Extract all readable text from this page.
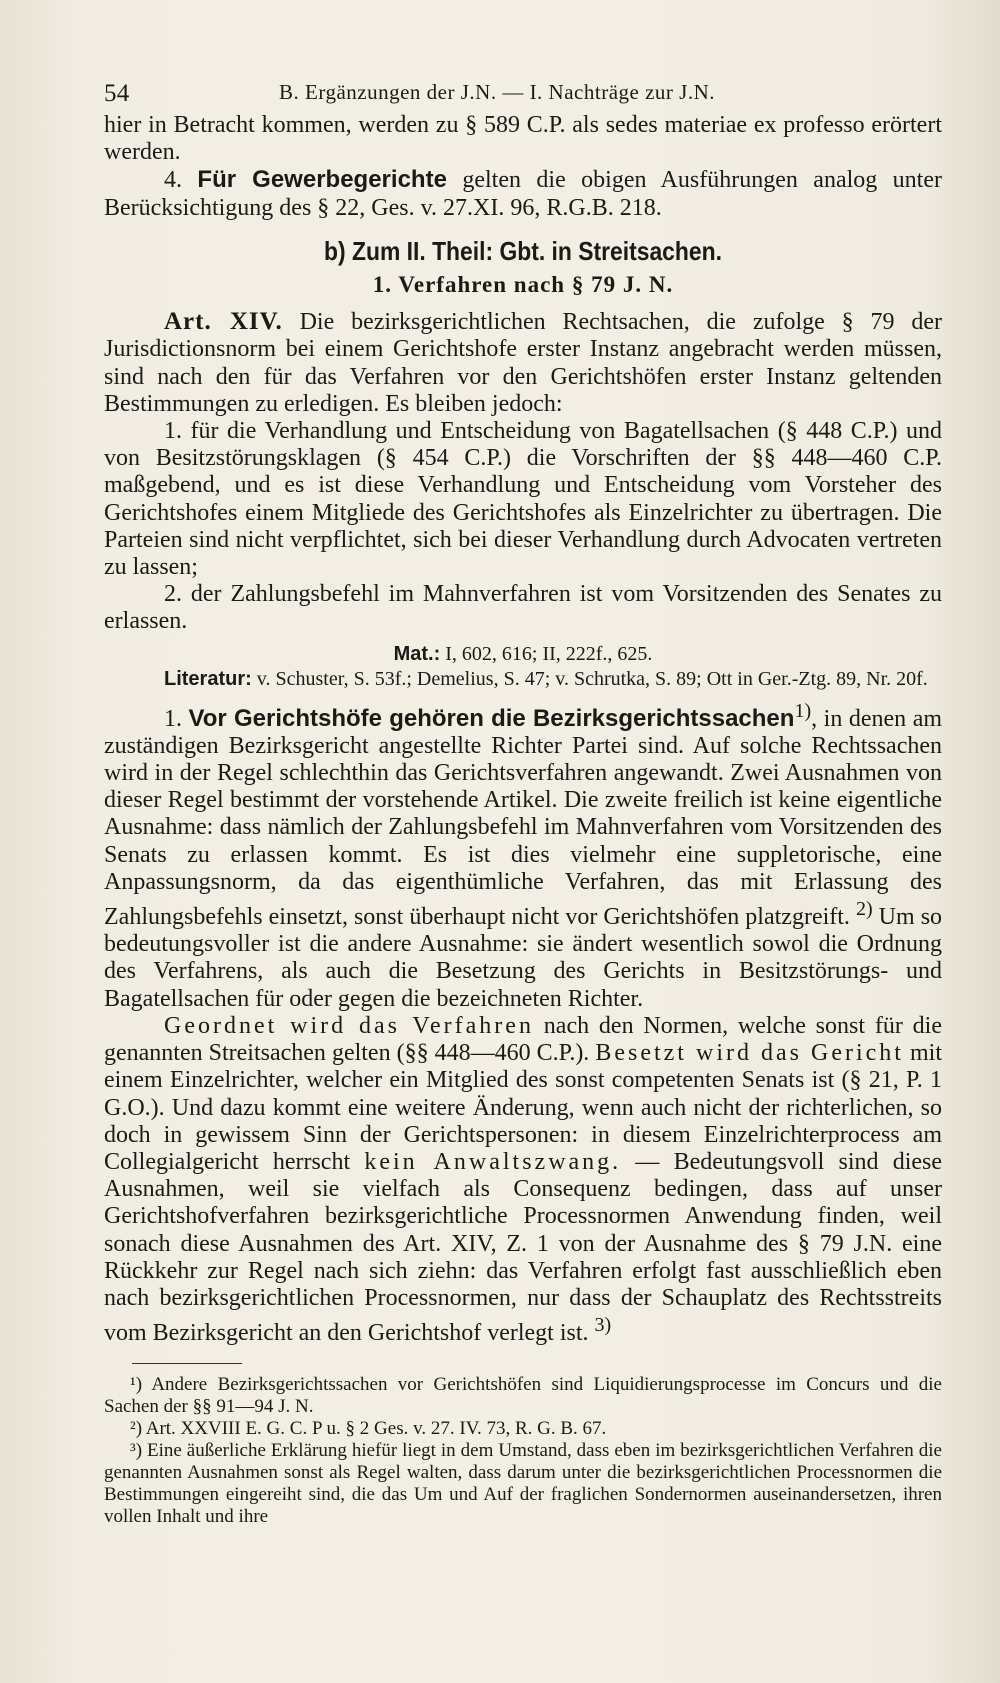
54	B. Ergänzungen der J.N. — I. Nachträge zur J.N.

hier in Betracht kommen, werden zu § 589 C.P. als sedes materiae ex professo erörtert werden.

4. Für Gewerbegerichte gelten die obigen Ausführungen analog unter Berücksichtigung des § 22, Ges. v. 27.XI. 96, R.G.B. 218.

b) Zum II. Theil: Gbt. in Streitsachen.
1. Verfahren nach § 79 J. N.

Art. XIV. Die bezirksgerichtlichen Rechtsachen, die zufolge § 79 der Jurisdictionsnorm bei einem Gerichtshofe erster Instanz angebracht werden müssen, sind nach den für das Verfahren vor den Gerichtshöfen erster Instanz geltenden Bestimmungen zu erledigen. Es bleiben jedoch:

1. für die Verhandlung und Entscheidung von Bagatellsachen (§ 448 C.P.) und von Besitzstörungsklagen (§ 454 C.P.) die Vorschriften der §§ 448—460 C.P. maßgebend, und es ist diese Verhandlung und Entscheidung vom Vorsteher des Gerichtshofes einem Mitgliede des Gerichtshofes als Einzelrichter zu übertragen. Die Parteien sind nicht verpflichtet, sich bei dieser Verhandlung durch Advocaten vertreten zu lassen;

2. der Zahlungsbefehl im Mahnverfahren ist vom Vorsitzenden des Senates zu erlassen.

Mat.: I, 602, 616; II, 222f., 625.

Literatur: v. Schuster, S. 53f.; Demelius, S. 47; v. Schrutka, S. 89; Ott in Ger.-Ztg. 89, Nr. 20f.

1. Vor Gerichtshöfe gehören die Bezirksgerichtssachen$^{1)}$, in denen am zuständigen Bezirksgericht angestellte Richter Partei sind. Auf solche Rechtssachen wird in der Regel schlechthin das Gerichtsverfahren angewandt. Zwei Ausnahmen von dieser Regel bestimmt der vorstehende Artikel. Die zweite freilich ist keine eigentliche Ausnahme: dass nämlich der Zahlungsbefehl im Mahnverfahren vom Vorsitzenden des Senats zu erlassen kommt. Es ist dies vielmehr eine suppletorische, eine Anpassungsnorm, da das eigenthümliche Verfahren, das mit Erlassung des Zahlungsbefehls einsetzt, sonst überhaupt nicht vor Gerichtshöfen platzgreift. $^{2)}$ Um so bedeutungsvoller ist die andere Ausnahme: sie ändert wesentlich sowol die Ordnung des Verfahrens, als auch die Besetzung des Gerichts in Besitzstörungs- und Bagatellsachen für oder gegen die bezeichneten Richter.

Geordnet wird das Verfahren nach den Normen, welche sonst für die genannten Streitsachen gelten (§§ 448—460 C.P.). Besetzt wird das Gericht mit einem Einzelrichter, welcher ein Mitglied des sonst competenten Senats ist (§ 21, P. 1 G.O.). Und dazu kommt eine weitere Änderung, wenn auch nicht der richterlichen, so doch in gewissem Sinn der Gerichtspersonen: in diesem Einzelrichterprocess am Collegialgericht herrscht kein Anwaltszwang. — Bedeutungsvoll sind diese Ausnahmen, weil sie vielfach als Consequenz bedingen, dass auf unser Gerichtshofverfahren bezirksgerichtliche Processnormen Anwendung finden, weil sonach diese Ausnahmen des Art. XIV, Z. 1 von der Ausnahme des § 79 J.N. eine Rückkehr zur Regel nach sich ziehn: das Verfahren erfolgt fast ausschließlich eben nach bezirksgerichtlichen Processnormen, nur dass der Schauplatz des Rechtsstreits vom Bezirksgericht an den Gerichtshof verlegt ist. $^{3)}$

¹) Andere Bezirksgerichtssachen vor Gerichtshöfen sind Liquidierungsprocesse im Concurs und die Sachen der §§ 91—94 J. N.

²) Art. XXVIII E. G. C. P u. § 2 Ges. v. 27. IV. 73, R. G. B. 67.

³) Eine äußerliche Erklärung hiefür liegt in dem Umstand, dass eben im bezirksgerichtlichen Verfahren die genannten Ausnahmen sonst als Regel walten, dass darum unter die bezirksgerichtlichen Processnormen die Bestimmungen eingereiht sind, die das Um und Auf der fraglichen Sondernormen auseinandersetzen, ihren vollen Inhalt und ihre
